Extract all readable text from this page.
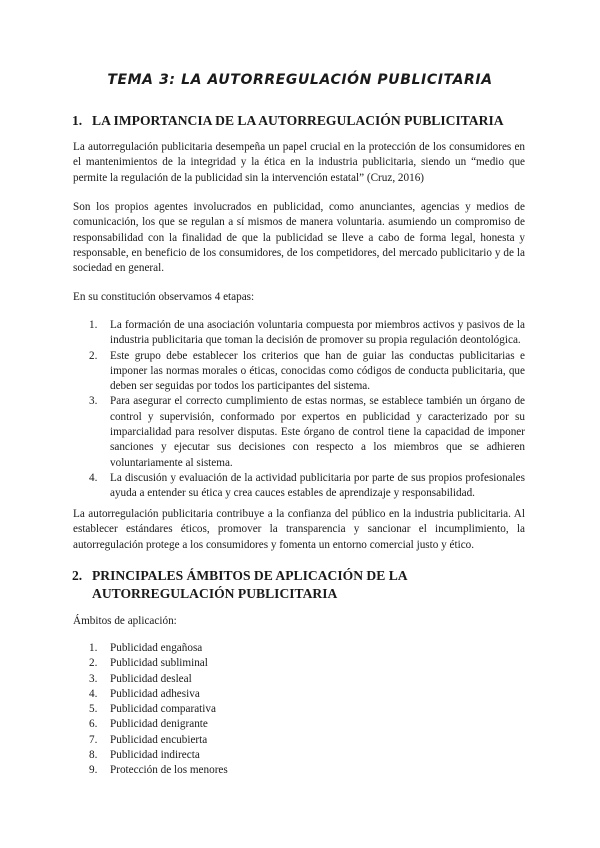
TEMA 3: LA AUTORREGULACIÓN PUBLICITARIA
1. LA IMPORTANCIA DE LA AUTORREGULACIÓN PUBLICITARIA
La autorregulación publicitaria desempeña un papel crucial en la protección de los consumidores en el mantenimientos de la integridad y la ética en la industria publicitaria, siendo un “medio que permite la regulación de la publicidad sin la intervención estatal” (Cruz, 2016)
Son los propios agentes involucrados en publicidad, como anunciantes, agencias y medios de comunicación, los que se regulan a sí mismos de manera voluntaria. asumiendo un compromiso de responsabilidad con la finalidad de que la publicidad se lleve a cabo de forma legal, honesta y responsable, en beneficio de los consumidores, de los competidores, del mercado publicitario y de la sociedad en general.
En su constitución observamos 4 etapas:
1. La formación de una asociación voluntaria compuesta por miembros activos y pasivos de la industria publicitaria que toman la decisión de promover su propia regulación deontológica.
2. Este grupo debe establecer los criterios que han de guiar las conductas publicitarias e imponer las normas morales o éticas, conocidas como códigos de conducta publicitaria, que deben ser seguidas por todos los participantes del sistema.
3. Para asegurar el correcto cumplimiento de estas normas, se establece también un órgano de control y supervisión, conformado por expertos en publicidad y caracterizado por su imparcialidad para resolver disputas. Este órgano de control tiene la capacidad de imponer sanciones y ejecutar sus decisiones con respecto a los miembros que se adhieren voluntariamente al sistema.
4. La discusión y evaluación de la actividad publicitaria por parte de sus propios profesionales ayuda a entender su ética y crea cauces estables de aprendizaje y responsabilidad.
La autorregulación publicitaria contribuye a la confianza del público en la industria publicitaria. Al establecer estándares éticos, promover la transparencia y sancionar el incumplimiento, la autorregulación protege a los consumidores y fomenta un entorno comercial justo y ético.
2. PRINCIPALES ÁMBITOS DE APLICACIÓN DE LA AUTORREGULACIÓN PUBLICITARIA
Ámbitos de aplicación:
1. Publicidad engañosa
2. Publicidad subliminal
3. Publicidad desleal
4. Publicidad adhesiva
5. Publicidad comparativa
6. Publicidad denigrante
7. Publicidad encubierta
8. Publicidad indirecta
9. Protección de los menores
